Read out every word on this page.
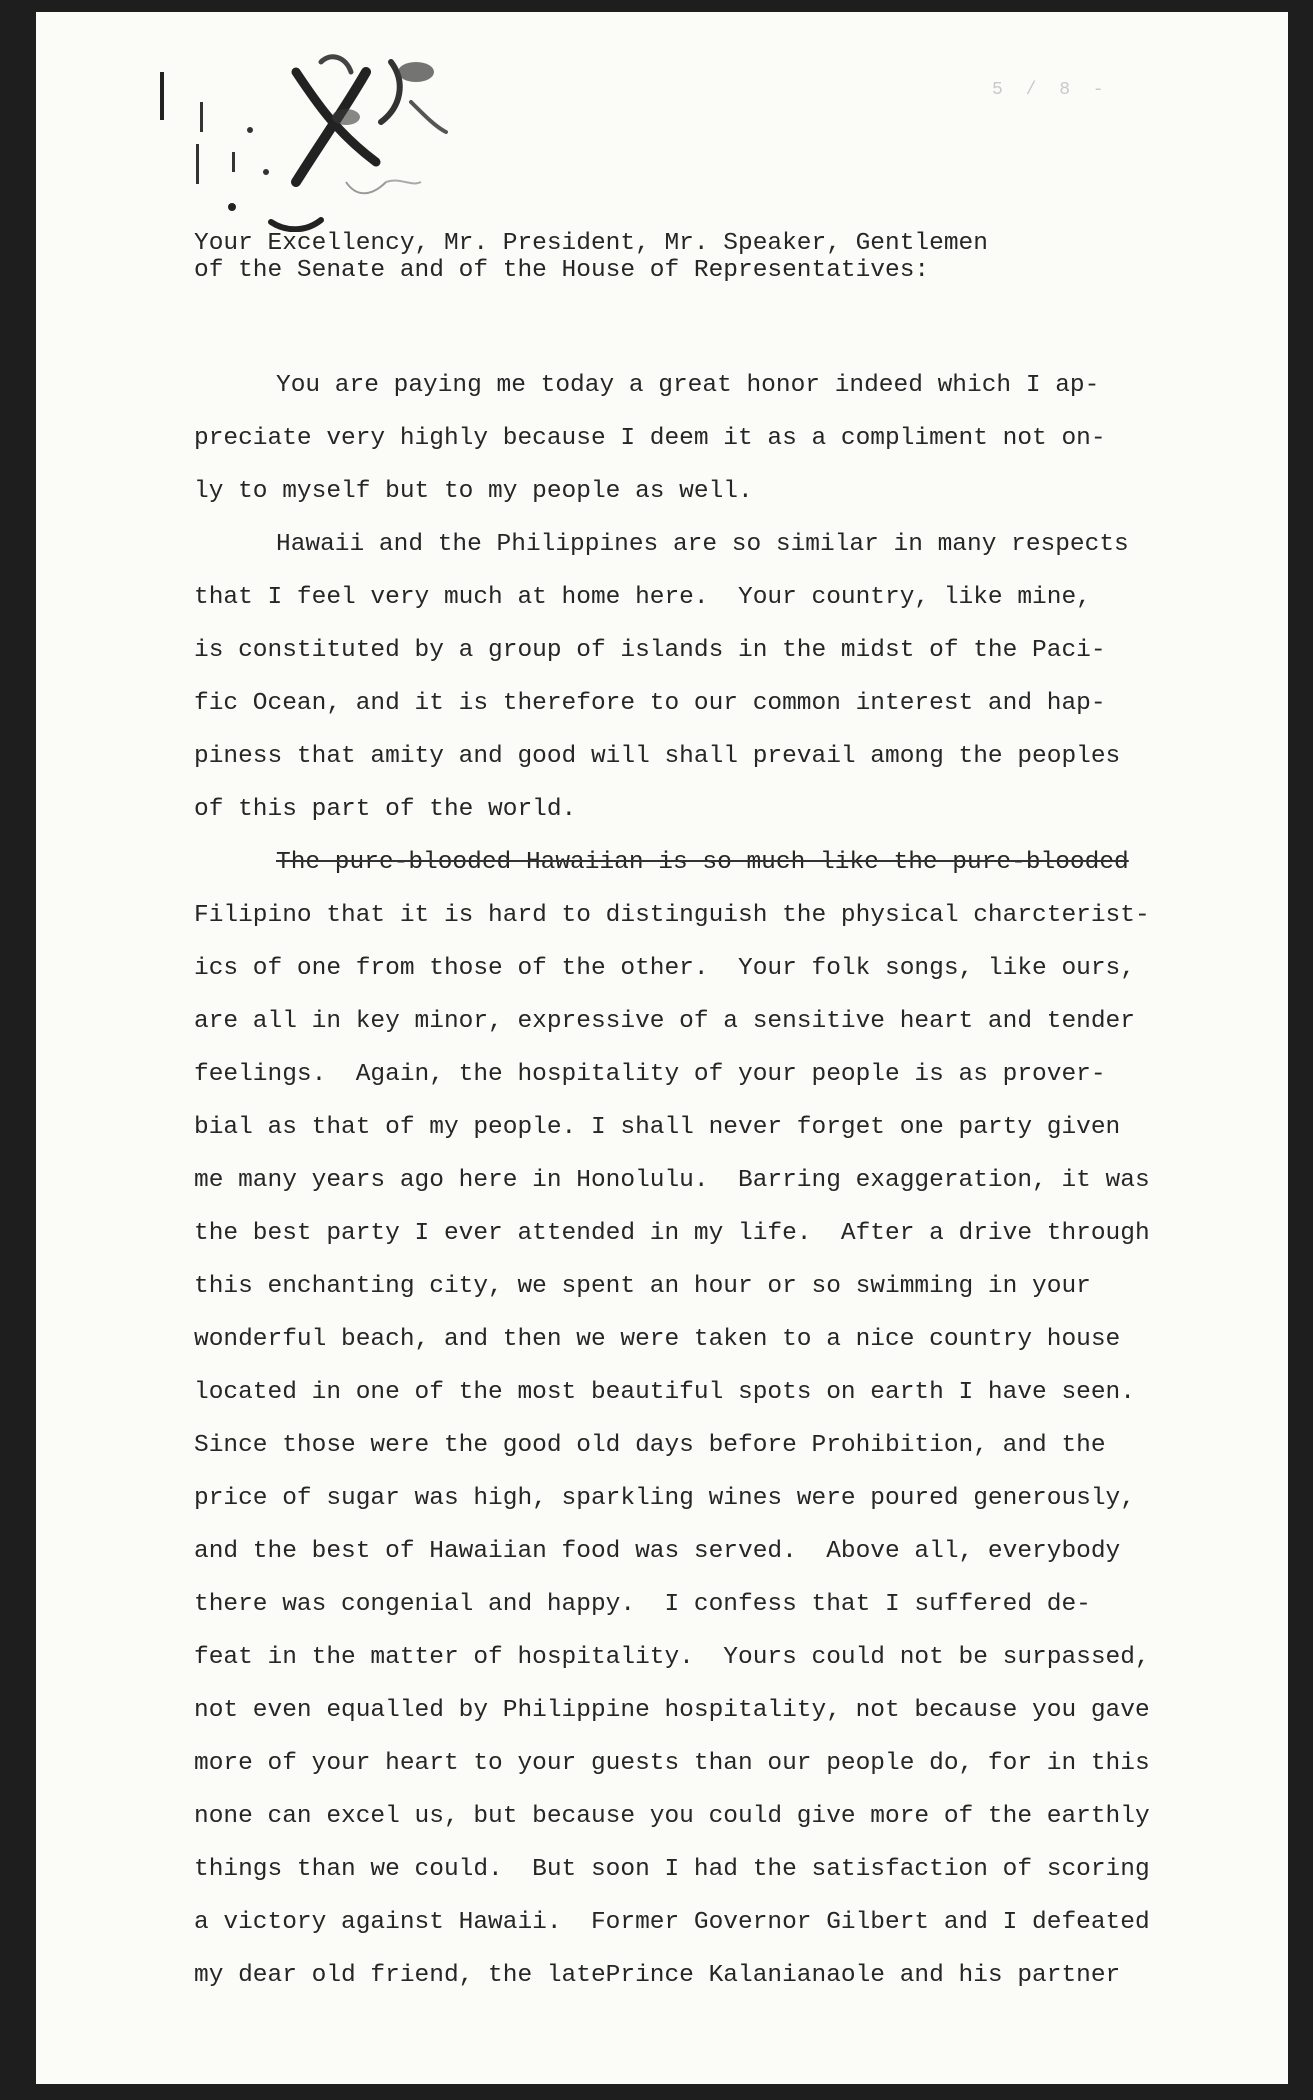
5 / 8 -
Your Excellency, Mr. President, Mr. Speaker, Gentlemen
of the Senate and of the House of Representatives:
You are paying me today a great honor indeed which I ap-
preciate very highly because I deem it as a compliment not on-
ly to myself but to my people as well.
Hawaii and the Philippines are so similar in many respects
that I feel very much at home here.  Your country, like mine,
is constituted by a group of islands in the midst of the Paci-
fic Ocean, and it is therefore to our common interest and hap-
piness that amity and good will shall prevail among the peoples
of this part of the world.
The pure-blooded Hawaiian is so much like the pure-blooded
Filipino that it is hard to distinguish the physical charcterist-
ics of one from those of the other.  Your folk songs, like ours,
are all in key minor, expressive of a sensitive heart and tender
feelings.  Again, the hospitality of your people is as prover-
bial as that of my people. I shall never forget one party given
me many years ago here in Honolulu.  Barring exaggeration, it was
the best party I ever attended in my life.  After a drive through
this enchanting city, we spent an hour or so swimming in your
wonderful beach, and then we were taken to a nice country house
located in one of the most beautiful spots on earth I have seen.
Since those were the good old days before Prohibition, and the
price of sugar was high, sparkling wines were poured generously,
and the best of Hawaiian food was served.  Above all, everybody
there was congenial and happy.  I confess that I suffered de-
feat in the matter of hospitality.  Yours could not be surpassed,
not even equalled by Philippine hospitality, not because you gave
more of your heart to your guests than our people do, for in this
none can excel us, but because you could give more of the earthly
things than we could.  But soon I had the satisfaction of scoring
a victory against Hawaii.  Former Governor Gilbert and I defeated
my dear old friend, the latePrince Kalanianaole and his partner
